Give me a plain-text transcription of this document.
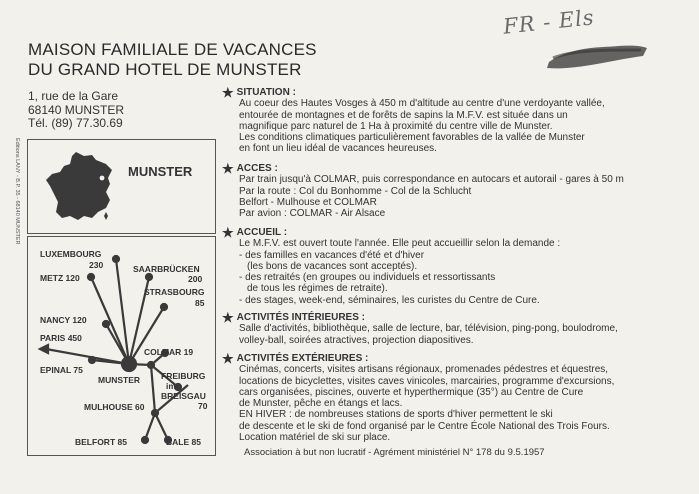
FR - Els
MAISON FAMILIALE DE VACANCES
DU GRAND HOTEL DE MUNSTER
1, rue de la Gare
68140 MUNSTER
Tél. (89) 77.30.69
Editions LANY - B.P. 35 - 68140 MUNSTER	MUNSTER
LUXEMBOURG
230
METZ 120
SAARBRÜCKEN
200
STRASBOURG
85
NANCY 120
PARIS 450
COLMAR 19
EPINAL 75
MUNSTER FREIBURG
im
BREISGAU
70
MULHOUSE 60
BELFORT 85	BALE 85
★ SITUATION :
Au coeur des Hautes Vosges à 450 m d'altitude au centre d'une verdoyante vallée,
entourée de montagnes et de forêts de sapins la M.F.V. est située dans un
magnifique parc naturel de 1 Ha à proximité du centre ville de Munster.
Les conditions climatiques particulièrement favorables de la vallée de Munster
en font un lieu idéal de vacances heureuses.
★ ACCES :
Par train jusqu'à COLMAR, puis correspondance en autocars et autorail - gares à 50 m
Par la route : Col du Bonhomme - Col de la Schlucht
Belfort - Mulhouse et COLMAR
Par avion : COLMAR - Air Alsace
★ ACCUEIL :
Le M.F.V. est ouvert toute l'année. Elle peut accueillir selon la demande :
- des familles en vacances d'été et d'hiver
(les bons de vacances sont acceptés).
- des retraités (en groupes ou individuels et ressortissants
de tous les régimes de retraite).
- des stages, week-end, séminaires, les curistes du Centre de Cure.
★ ACTIVITÉS INTÉRIEURES :
Salle d'activités, bibliothèque, salle de lecture, bar, télévision, ping-pong, boulodrome,
volley-ball, soirées atractives, projection diapositives.
★ ACTIVITÉS EXTÉRIEURES :
Cinémas, concerts, visites artisans régionaux, promenades pédestres et équestres,
locations de bicyclettes, visites caves vinicoles, marcairies, programme d'excursions,
cars organisées, piscines, ouverte et hyperthermique (35°) au Centre de Cure
de Munster, pêche en étangs et lacs.
EN HIVER : de nombreuses stations de sports d'hiver permettent le ski
de descente et le ski de fond organisé par le Centre École National des Trois Fours.
Location matériel de ski sur place.
Association à but non lucratif - Agrément ministériel N° 178 du 9.5.1957
